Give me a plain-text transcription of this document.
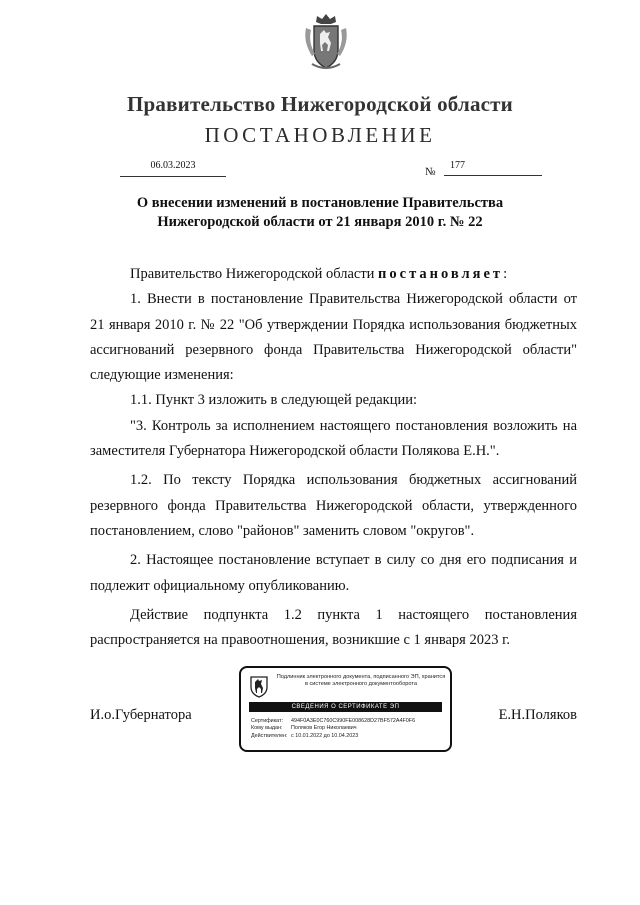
Правительство Нижегородской области
ПОСТАНОВЛЕНИЕ
06.03.2023
№
177
О внесении изменений в постановление Правительства
Нижегородской области от 21 января 2010 г. № 22

Правительство Нижегородской области постановляет:

1. Внести в постановление Правительства Нижегородской области от 21 января 2010 г. № 22 "Об утверждении Порядка использования бюджетных ассигнований резервного фонда Правительства Нижегородской области" следующие изменения:

1.1. Пункт 3 изложить в следующей редакции:

"3. Контроль за исполнением настоящего постановления возложить на заместителя Губернатора Нижегородской области Полякова Е.Н.".

1.2. По тексту Порядка использования бюджетных ассигнований резервного фонда Правительства Нижегородской области, утвержденного постановлением, слово "районов" заменить словом "округов".

2. Настоящее постановление вступает в силу со дня его подписания и подлежит официальному опубликованию.

Действие подпункта 1.2 пункта 1 настоящего постановления распространяется на правоотношения, возникшие с 1 января 2023 г.

И.о.Губернатора
Подлинник электронного документа, подписанного ЭП, хранится в системе электронного документооборота
СВЕДЕНИЯ О СЕРТИФИКАТЕ ЭП
Сертификат: 494F0A3E0C760C990FE008628D27BF572A4F0F6
Кому выдан: Поляков Егор Николаевич
Действителен: с 10.01.2022 до 10.04.2023
Е.Н.Поляков
